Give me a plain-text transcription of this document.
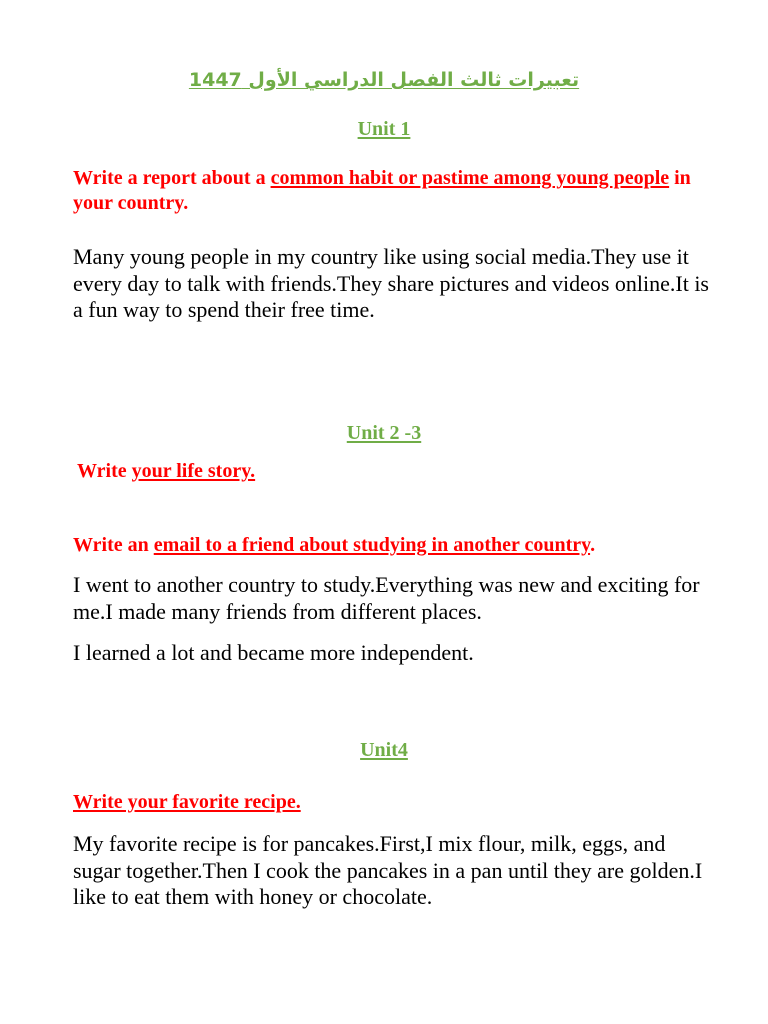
تعبيرات ثالث الفصل الدراسي الأول 1447
Unit 1
Write a report about a common habit or pastime among young people in your country.
Many young people in my country like using social media.They use it every day to talk with friends.They share pictures and videos online.It is a fun way to spend their free time.
Unit 2 -3
Write your life story.
Write an email to a friend about studying in another country.
I went to another country to study.Everything was new and exciting for me.I made many friends from different places.
I learned a lot and became more independent.
Unit4
Write your favorite recipe.
My favorite recipe is for pancakes.First,I mix flour, milk, eggs, and sugar together.Then I cook the pancakes in a pan until they are golden.I like to eat them with honey or chocolate.
